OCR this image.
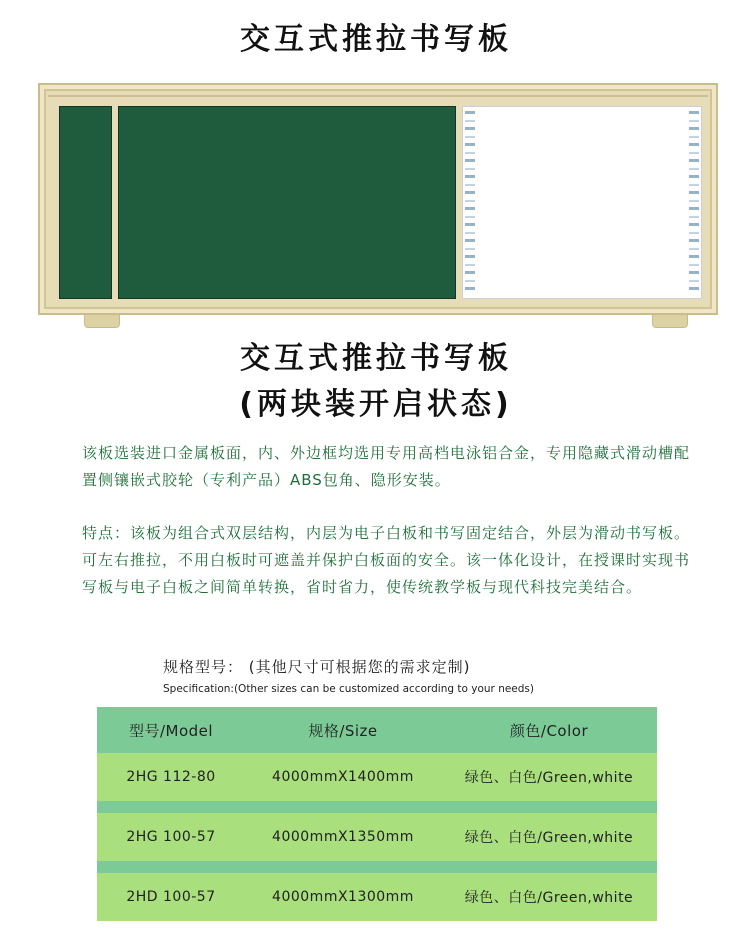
交互式推拉书写板
交互式推拉书写板
(两块装开启状态)

该板选装进口金属板面，内、外边框均选用专用高档电泳铝合金，专用隐藏式滑动槽配置侧镶嵌式胶轮（专利产品）ABS包角、隐形安装。

特点：该板为组合式双层结构，内层为电子白板和书写固定结合，外层为滑动书写板。可左右推拉，不用白板时可遮盖并保护白板面的安全。该一体化设计，在授课时实现书写板与电子白板之间简单转换，省时省力，使传统教学板与现代科技完美结合。

规格型号： (其他尺寸可根据您的需求定制)
Specification:(Other sizes can be customized according to your needs)
型号/Model	规格/Size	颜色/Color
2HG 112-80	4000mmX1400mm	绿色、白色/Green,white
2HG 100-57	4000mmX1350mm	绿色、白色/Green,white
2HD 100-57	4000mmX1300mm	绿色、白色/Green,white
